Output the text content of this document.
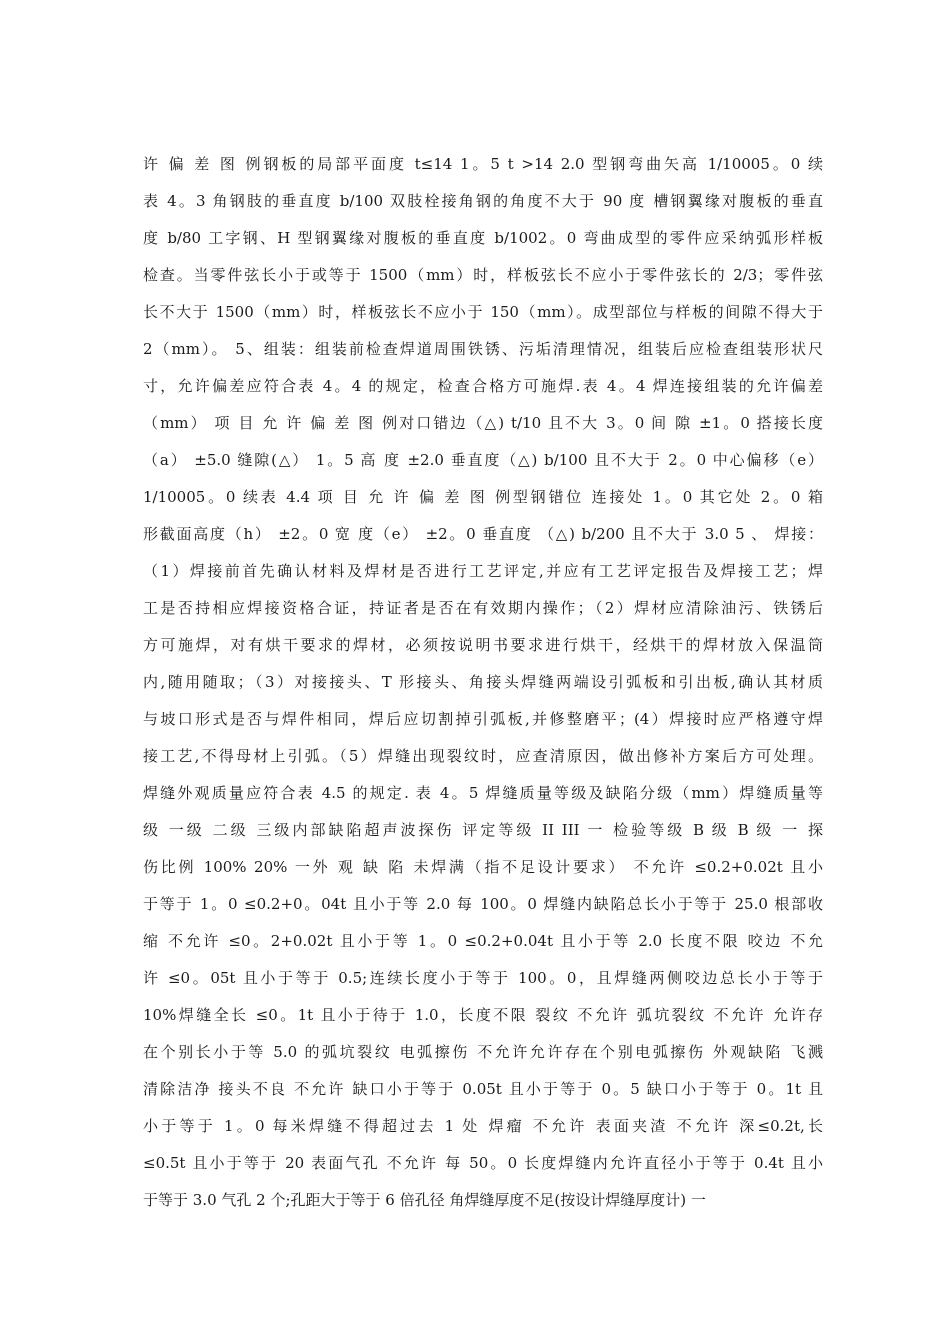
许 偏 差 图 例钢板的局部平面度 t≤14 1。5 t >14 2.0 型钢弯曲矢高 1/10005。0 续
表 4。3 角钢肢的垂直度 b/100 双肢栓接角钢的角度不大于 90 度 槽钢翼缘对腹板的垂直
度 b/80 工字钢、H 型钢翼缘对腹板的垂直度 b/1002。0 弯曲成型的零件应采纳弧形样板
检查。当零件弦长小于或等于 1500（mm）时，样板弦长不应小于零件弦长的 2/3；零件弦
长不大于 1500（mm）时，样板弦长不应小于 150（mm）。成型部位与样板的间隙不得大于
2（mm）。 5、组装：组装前检查焊道周围铁锈、污垢清理情况，组装后应检查组装形状尺
寸，允许偏差应符合表 4。4 的规定，检查合格方可施焊.表 4。4 焊连接组装的允许偏差
（mm） 项 目 允 许 偏 差 图 例对口错边（△) t/10 且不大 3。0 间 隙 ±1。0 搭接长度
（a） ±5.0 缝隙(△） 1。5 高 度 ±2.0 垂直度（△) b/100 且不大于 2。0 中心偏移（e）
1/10005。0 续表 4.4 项 目 允 许 偏 差 图 例型钢错位 连接处 1。0 其它处 2。0 箱
形截面高度（h） ±2。0 宽 度（e） ±2。0 垂直度 （△) b/200 且不大于 3.0 5 、 焊接：
（1）焊接前首先确认材料及焊材是否进行工艺评定,并应有工艺评定报告及焊接工艺；焊
工是否持相应焊接资格合证，持证者是否在有效期内操作；（2）焊材应清除油污、铁锈后
方可施焊，对有烘干要求的焊材，必须按说明书要求进行烘干，经烘干的焊材放入保温筒
内,随用随取；（3）对接接头、T 形接头、角接头焊缝两端设引弧板和引出板,确认其材质
与坡口形式是否与焊件相同，焊后应切割掉引弧板,并修整磨平；(4）焊接时应严格遵守焊
接工艺,不得母材上引弧。（5）焊缝出现裂纹时，应查清原因，做出修补方案后方可处理。
焊缝外观质量应符合表 4.5 的规定. 表 4。5 焊缝质量等级及缺陷分级（mm）焊缝质量等
级 一级 二级 三级内部缺陷超声波探伤 评定等级 II III 一 检验等级 B 级 B 级 一 探
伤比例 100% 20% 一外 观 缺 陷 未焊满（指不足设计要求） 不允许 ≤0.2+0.02t 且小
于等于 1。0 ≤0.2+0。04t 且小于等 2.0 每 100。0 焊缝内缺陷总长小于等于 25.0 根部收
缩 不允许 ≤0。2+0.02t 且小于等 1。0 ≤0.2+0.04t 且小于等 2.0 长度不限 咬边 不允
许 ≤0。05t 且小于等于 0.5;连续长度小于等于 100。0，且焊缝两侧咬边总长小于等于
10%焊缝全长 ≤0。1t 且小于待于 1.0，长度不限 裂纹 不允许 弧坑裂纹 不允许 允许存
在个别长小于等 5.0 的弧坑裂纹 电弧擦伤 不允许允许存在个别电弧擦伤 外观缺陷 飞溅
清除洁净 接头不良 不允许 缺口小于等于 0.05t 且小于等于 0。5 缺口小于等于 0。1t 且
小于等于 1。0 每米焊缝不得超过去 1 处 焊瘤 不允许 表面夹渣 不允许 深≤0.2t,长
≤0.5t 且小于等于 20 表面气孔 不允许 每 50。0 长度焊缝内允许直径小于等于 0.4t 且小
于等于 3.0 气孔 2 个;孔距大于等于 6 倍孔径 角焊缝厚度不足(按设计焊缝厚度计) 一
